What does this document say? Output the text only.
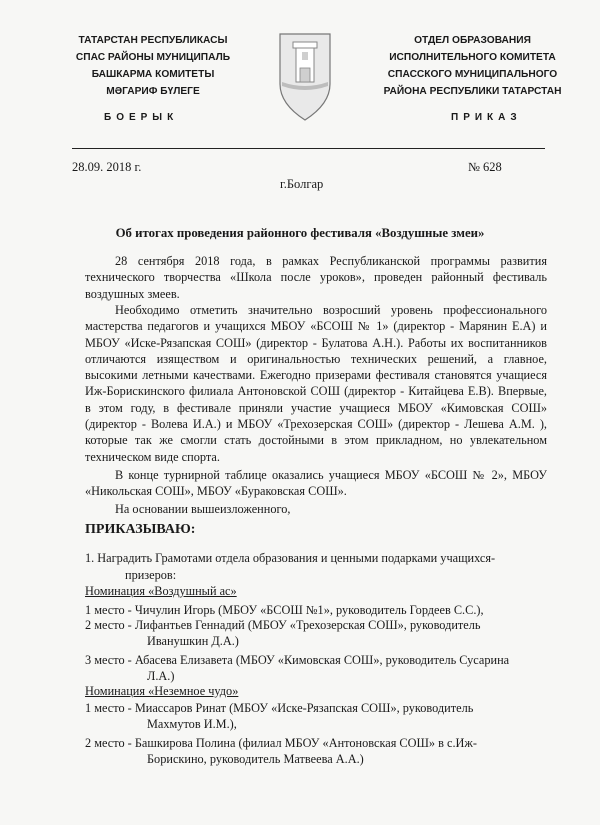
ТАТАРСТАН РЕСПУБЛИКАСЫ
СПАС РАЙОНЫ МУНИЦИПАЛЬ
БАШКАРМА КОМИТЕТЫ
МӘГАРИФ БҮЛЕГЕ
ОТДЕЛ ОБРАЗОВАНИЯ
ИСПОЛНИТЕЛЬНОГО КОМИТЕТА
СПАССКОГО МУНИЦИПАЛЬНОГО
РАЙОНА РЕСПУБЛИКИ ТАТАРСТАН
БОЕРЫК	ПРИКАЗ
28.09. 2018 г.	№ 628
г.Болгар
Об итогах проведения районного фестиваля «Воздушные змеи»
28 сентября 2018 года, в рамках Республиканской программы развития технического творчества «Школа после уроков», проведен районный фестиваль воздушных змеев.
Необходимо отметить значительно возросший уровень профессионального мастерства педагогов и учащихся МБОУ «БСОШ № 1» (директор - Марянин Е.А) и МБОУ «Иске-Рязапская СОШ» (директор - Булатова А.Н.). Работы их воспитанников отличаются изяществом и оригинальностью технических решений, а главное, высокими летными качествами. Ежегодно призерами фестиваля становятся учащиеся Иж-Борискинского филиала Антоновской СОШ (директор - Китайцева Е.В). Впервые, в этом году, в фестивале приняли участие учащиеся МБОУ «Кимовская СОШ» (директор - Волева И.А.) и МБОУ «Трехозерская СОШ» (директор - Лешева А.М. ), которые так же смогли стать достойными в этом прикладном, но увлекательном техническом виде спорта.
В конце турнирной таблице оказались учащиеся МБОУ «БСОШ № 2», МБОУ «Никольская СОШ», МБОУ «Бураковская СОШ».
На основании вышеизложенного,
ПРИКАЗЫВАЮ:
1. Наградить Грамотами отдела образования и ценными подарками учащихся-
призеров:
Номинация «Воздушный ас»
1 место - Чичулин Игорь (МБОУ «БСОШ №1», руководитель Гордеев С.С.),
2 место - Лифантьев Геннадий (МБОУ «Трехозерская СОШ», руководитель
Иванушкин Д.А.)
3 место - Абасева Елизавета (МБОУ «Кимовская СОШ», руководитель Сусарина
Л.А.)
Номинация «Неземное чудо»
1 место - Миассаров Ринат (МБОУ «Иске-Рязапская СОШ», руководитель
Махмутов И.М.),
2 место - Башкирова Полина (филиал МБОУ «Антоновская СОШ» в с.Иж-
Борискино, руководитель Матвеева А.А.)
